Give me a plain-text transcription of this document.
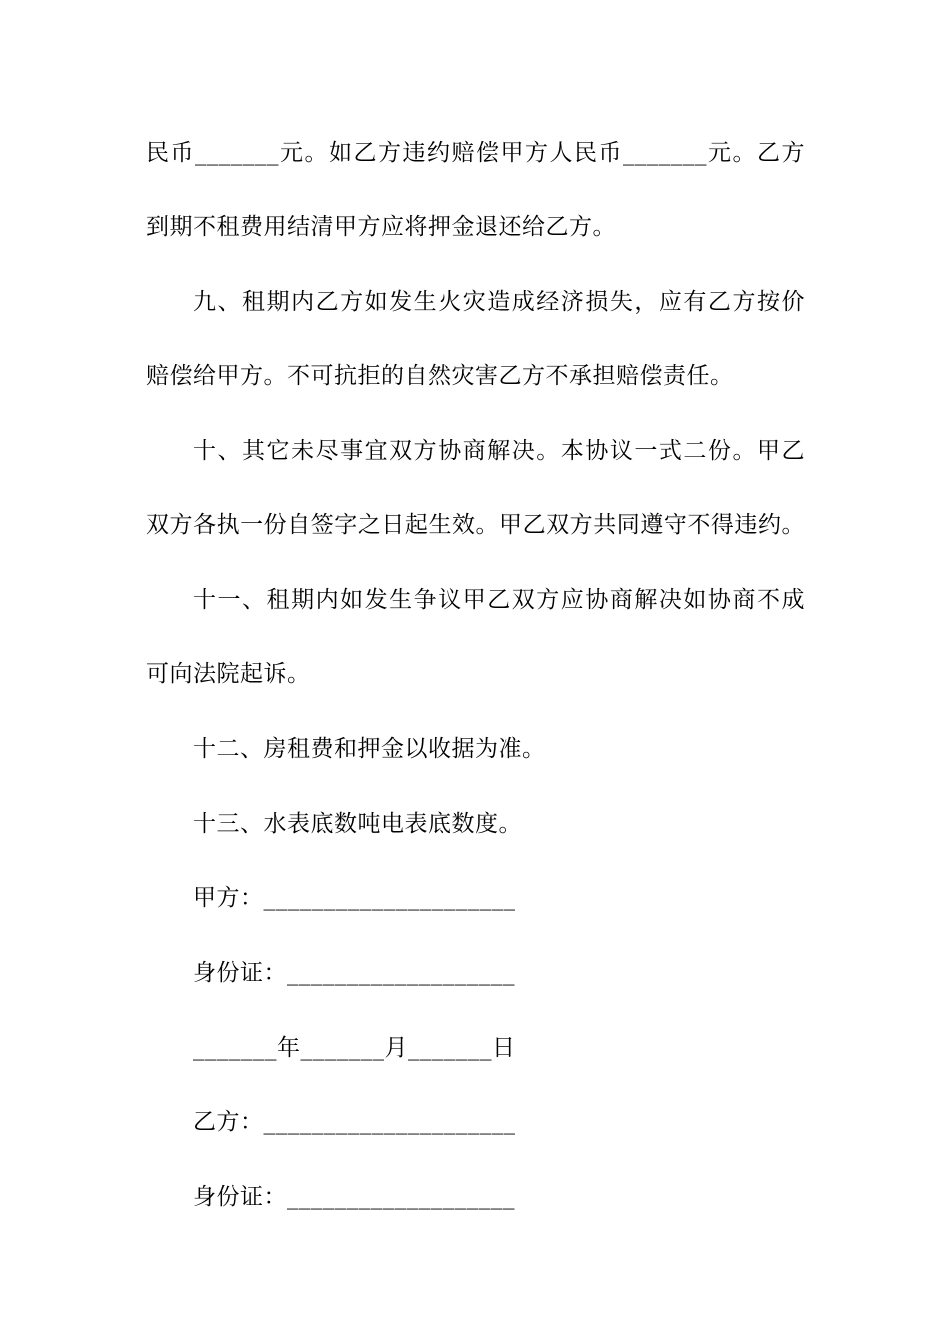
民币_______元。如乙方违约赔偿甲方人民币_______元。乙方
到期不租费用结清甲方应将押金退还给乙方。
九、租期内乙方如发生火灾造成经济损失，应有乙方按价
赔偿给甲方。不可抗拒的自然灾害乙方不承担赔偿责任。
十、其它未尽事宜双方协商解决。本协议一式二份。甲乙
双方各执一份自签字之日起生效。甲乙双方共同遵守不得违约。
十一、租期内如发生争议甲乙双方应协商解决如协商不成
可向法院起诉。
十二、房租费和押金以收据为准。
十三、水表底数吨电表底数度。
甲方：_____________________
身份证：___________________
_______年_______月_______日
乙方：_____________________
身份证：___________________
